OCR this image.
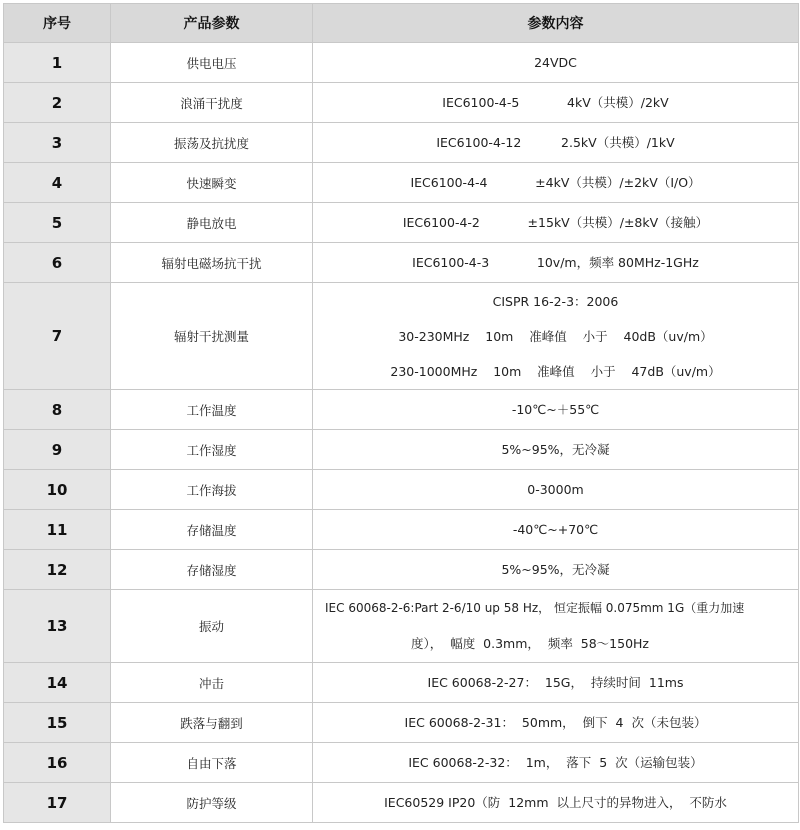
序号	产品参数	参数内容
1	供电电压	24VDC

2	浪涌干扰度	IEC6100-4-5            4kV（共模）/2kV

3	振荡及抗扰度	IEC6100-4-12          2.5kV（共模）/1kV

4	快速瞬变	IEC6100-4-4            ±4kV（共模）/±2kV（I/O）

5	静电放电	IEC6100-4-2            ±15kV（共模）/±8kV（接触）

6	辐射电磁场抗干扰	IEC6100-4-3            10v/m，频率 80MHz-1GHz

7	辐射干扰测量	CISPR 16-2-3：2006
30-230MHz    10m    准峰值    小于    40dB（uv/m）
230-1000MHz    10m    准峰值    小于    47dB（uv/m）

8	工作温度	-10℃~＋55℃

9	工作湿度	5%~95%，无冷凝

10	工作海拔	0-3000m

11	存储温度	-40℃~+70℃

12	存储湿度	5%~95%，无冷凝

13	振动	IEC 60068-2-6:Part 2-6/10 up 58 Hz， 恒定振幅 0.075mm 1G（重力加速
度），  幅度  0.3mm，  频率  58～150Hz

14	冲击	IEC 60068-2-27：  15G，  持续时间  11ms

15	跌落与翻到	IEC 60068-2-31：  50mm，  倒下  4  次（未包装）

16	自由下落	IEC 60068-2-32：  1m，  落下  5  次（运输包装）

17	防护等级	IEC60529 IP20（防  12mm  以上尺寸的异物进入，  不防水
